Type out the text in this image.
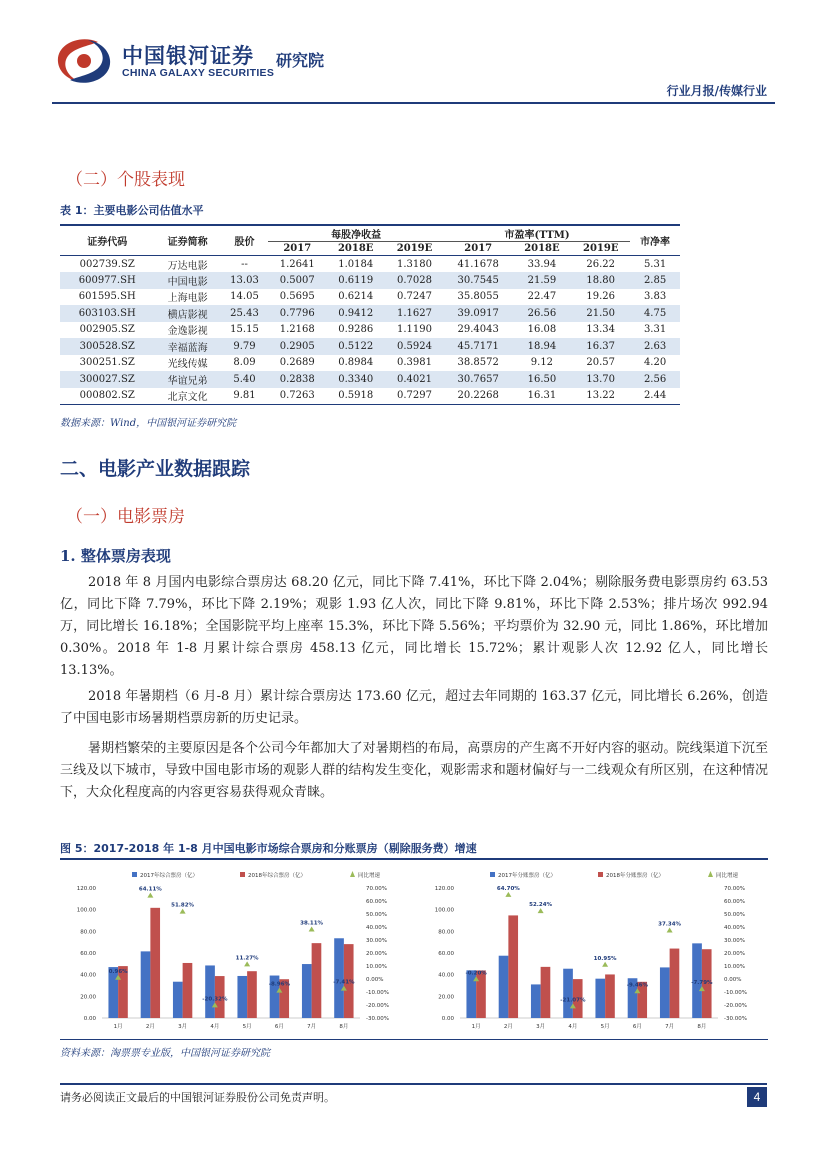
中国银河证券
CHINA GALAXY SECURITIES
研究院
行业月报/传媒行业
（二）个股表现
表 1：主要电影公司估值水平
证券代码	证券简称	股价	每股净收益			市盈率(TTM)			市净率
			2017	2018E	2019E	2017	2018E	2019E	
002739.SZ	万达电影	--	1.2641	1.0184	1.3180	41.1678	33.94	26.22	5.31
600977.SH	中国电影	13.03	0.5007	0.6119	0.7028	30.7545	21.59	18.80	2.85
601595.SH	上海电影	14.05	0.5695	0.6214	0.7247	35.8055	22.47	19.26	3.83
603103.SH	横店影视	25.43	0.7796	0.9412	1.1627	39.0917	26.56	21.50	4.75
002905.SZ	金逸影视	15.15	1.2168	0.9286	1.1190	29.4043	16.08	13.34	3.31
300528.SZ	幸福蓝海	9.79	0.2905	0.5122	0.5924	45.7171	18.94	16.37	2.63
300251.SZ	光线传媒	8.09	0.2689	0.8984	0.3981	38.8572	9.12	20.57	4.20
300027.SZ	华谊兄弟	5.40	0.2838	0.3340	0.4021	30.7657	16.50	13.70	2.56
000802.SZ	北京文化	9.81	0.7263	0.5918	0.7297	20.2268	16.31	13.22	2.44
数据来源：Wind，中国银河证券研究院
二、电影产业数据跟踪
（一）电影票房
1. 整体票房表现
2018 年 8 月国内电影综合票房达 68.20 亿元，同比下降 7.41%，环比下降 2.04%；剔除服务费电影票房约 63.53 亿，同比下降 7.79%，环比下降 2.19%；观影 1.93 亿人次，同比下降 9.81%，环比下降 2.53%；排片场次 992.94 万，同比增长 16.18%；全国影院平均上座率 15.3%，环比下降 5.56%；平均票价为 32.90 元，同比 1.86%，环比增加 0.30%。2018 年 1-8 月累计综合票房 458.13 亿元，同比增长 15.72%；累计观影人次 12.92 亿人，同比增长 13.13%。
2018 年暑期档（6 月-8 月）累计综合票房达 173.60 亿元，超过去年同期的 163.37 亿元，同比增长 6.26%，创造了中国电影市场暑期档票房新的历史记录。
暑期档繁荣的主要原因是各个公司今年都加大了对暑期档的布局，高票房的产生离不开好内容的驱动。院线渠道下沉至三线及以下城市，导致中国电影市场的观影人群的结构发生变化，观影需求和题材偏好与一二线观众有所区别，在这种情况下，大众化程度高的内容更容易获得观众青睐。
图 5：2017-2018 年 1-8 月中国电影市场综合票房和分账票房（剔除服务费）增速
2017年综合票房（亿）	2018年综合票房（亿）	同比增速
120.00
100.00
80.00
60.00
40.00
20.00
0.00
70.00%
60.00%
50.00%
40.00%
30.00%
20.00%
10.00%
0.00%
-10.00%
-20.00%
-30.00%
1月
0.96%
2月
64.11%
3月
51.82%
4月
-20.32%
5月
11.27%
6月
-8.96%
7月
38.11%
8月
-7.41%
2017年分账票房（亿）	2018年分账票房（亿）	同比增速
120.00
100.00
80.00
60.00
40.00
20.00
0.00
70.00%
60.00%
50.00%
40.00%
30.00%
20.00%
10.00%
0.00%
-10.00%
-20.00%
-30.00%
1月
-0.20%
2月
64.70%
3月
52.24%
4月
-21.07%
5月
10.95%
6月
-9.46%
7月
37.34%
8月
-7.79%
资料来源：淘票票专业版，中国银河证券研究院
请务必阅读正文最后的中国银河证券股份公司免责声明。	4
